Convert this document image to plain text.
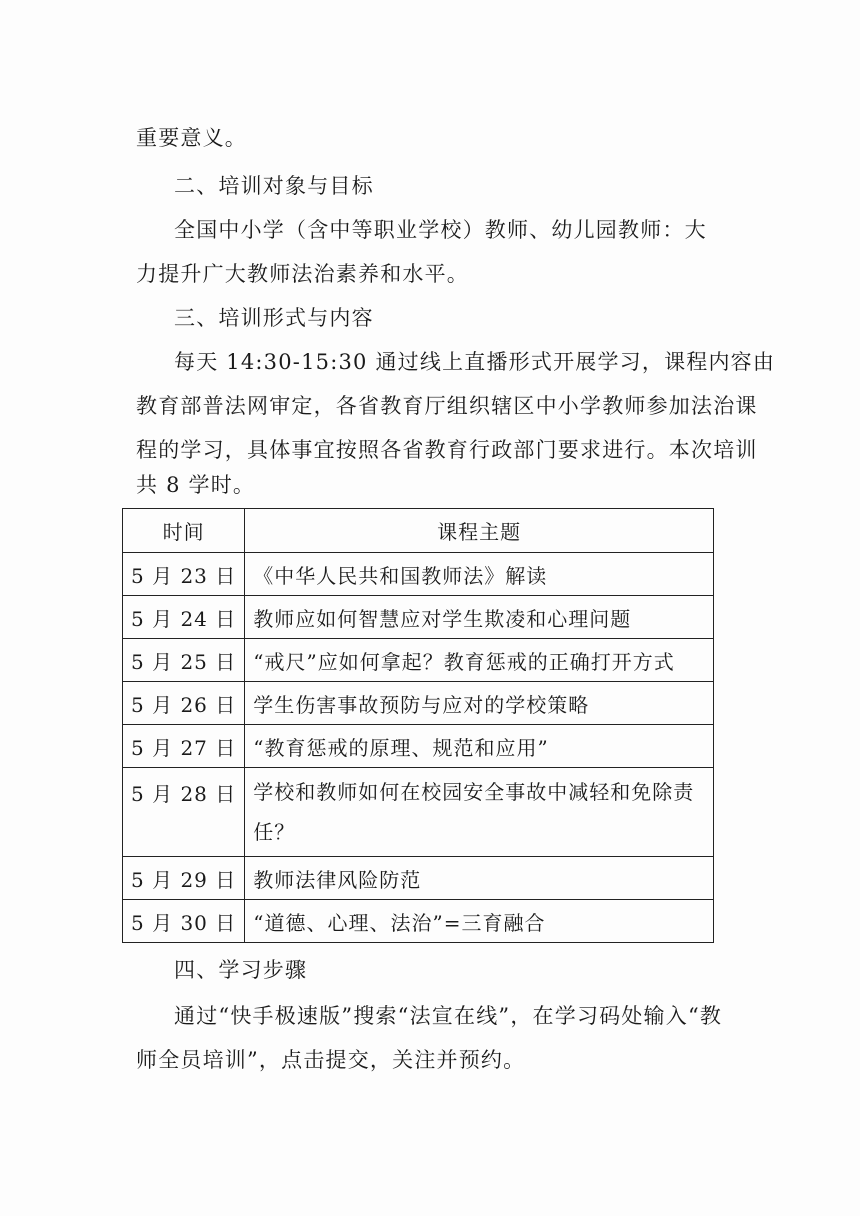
重要意义。
二、培训对象与目标
全国中小学（含中等职业学校）教师、幼儿园教师：大
力提升广大教师法治素养和水平。
三、培训形式与内容
每天 14:30-15:30 通过线上直播形式开展学习，课程内容由
教育部普法网审定，各省教育厅组织辖区中小学教师参加法治课
程的学习，具体事宜按照各省教育行政部门要求进行。本次培训
共 8 学时。
时间	课程主题
5 月 23 日	《中华人民共和国教师法》解读
5 月 24 日	教师应如何智慧应对学生欺凌和心理问题
5 月 25 日	“戒尺”应如何拿起？教育惩戒的正确打开方式
5 月 26 日	学生伤害事故预防与应对的学校策略
5 月 27 日	“教育惩戒的原理、规范和应用”
5 月 28 日	学校和教师如何在校园安全事故中减轻和免除责
任？

5 月 29 日	教师法律风险防范
5 月 30 日	“道德、心理、法治”=三育融合
四、学习步骤
通过“快手极速版”搜索“法宣在线”，在学习码处输入“教
师全员培训”，点击提交，关注并预约。
